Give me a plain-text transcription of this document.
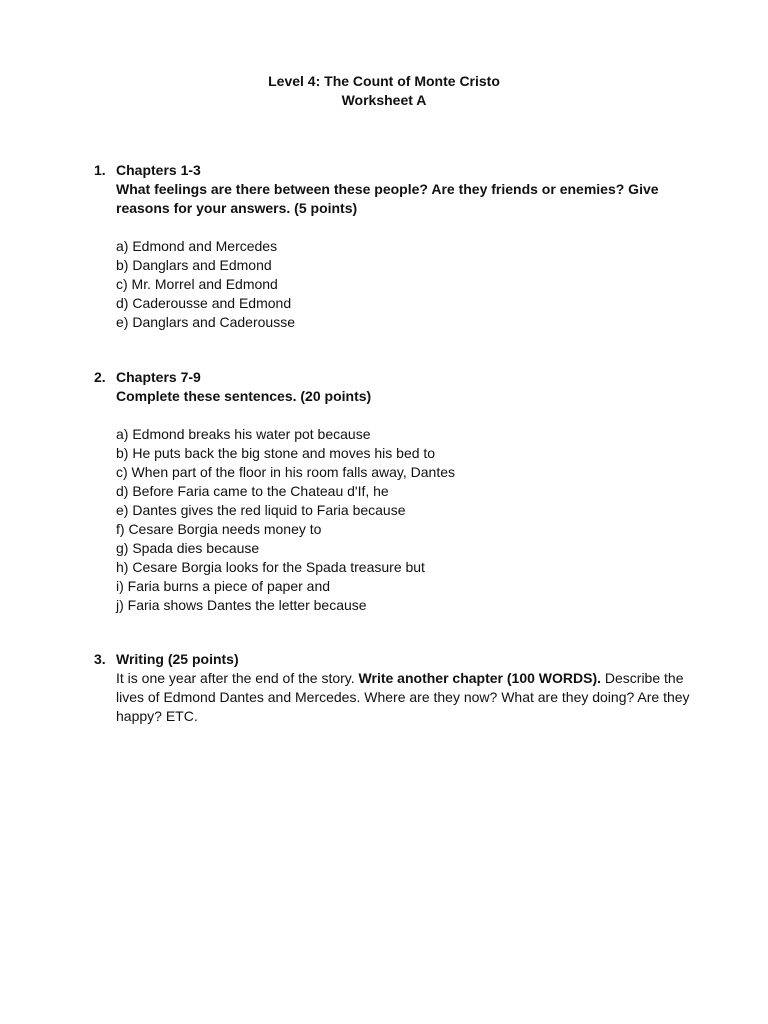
Level 4: The Count of Monte Cristo
Worksheet A
1. Chapters 1-3
What feelings are there between these people? Are they friends or enemies? Give reasons for your answers. (5 points)
a) Edmond and Mercedes
b) Danglars and Edmond
c) Mr. Morrel and Edmond
d) Caderousse and Edmond
e) Danglars and Caderousse
2. Chapters 7-9
Complete these sentences. (20 points)
a) Edmond breaks his water pot because
b) He puts back the big stone and moves his bed to
c) When part of the floor in his room falls away, Dantes
d) Before Faria came to the Chateau d'If, he
e) Dantes gives the red liquid to Faria because
f) Cesare Borgia needs money to
g) Spada dies because
h) Cesare Borgia looks for the Spada treasure but
i) Faria burns a piece of paper and
j) Faria shows Dantes the letter because
3. Writing (25 points)
It is one year after the end of the story. Write another chapter (100 WORDS). Describe the lives of Edmond Dantes and Mercedes. Where are they now? What are they doing? Are they happy? ETC.
